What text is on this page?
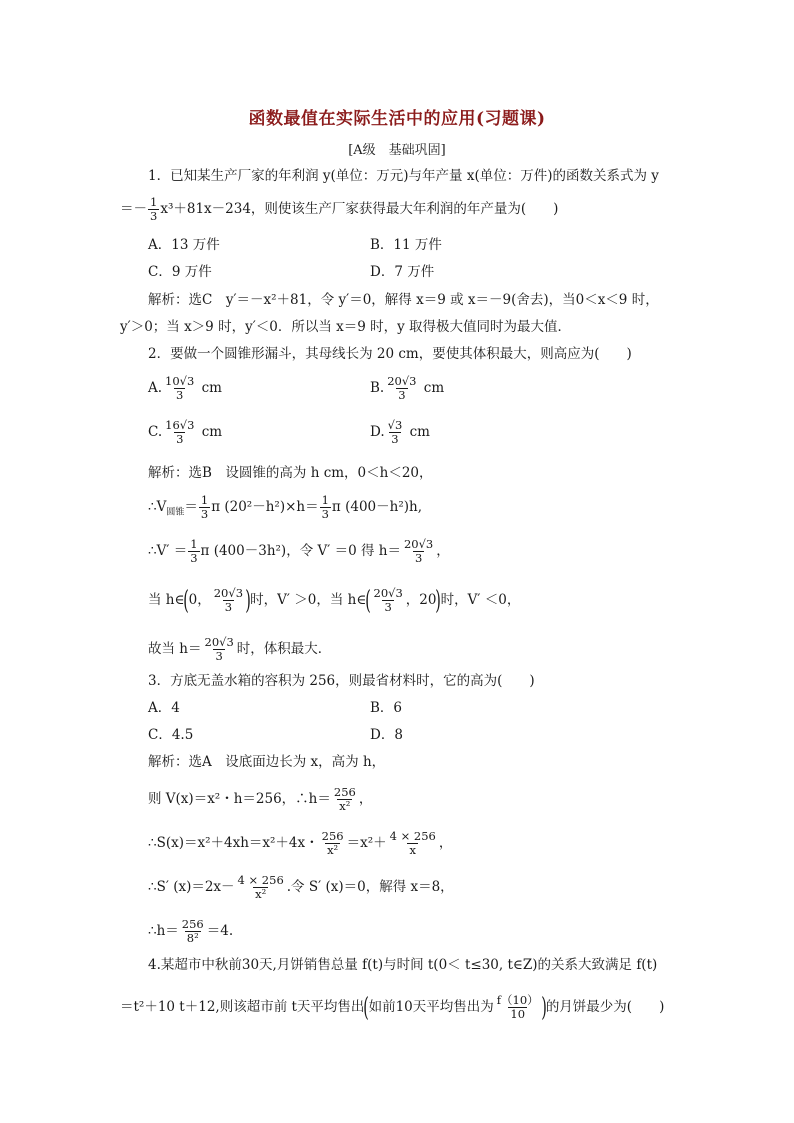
函数最值在实际生活中的应用(习题课)
[A级　基础巩固]
1．已知某生产厂家的年利润 y(单位：万元)与年产量 x(单位：万件)的函数关系式为 y
＝－ $\frac{1}{3} x^3+81x-234$，则使该生产厂家获得最大年利润的年产量为(　　)
A．13 万件	B．11 万件
C．9 万件	D．7 万件
解析：选C　y′＝－x²＋81，令 y′＝0，解得 x＝9 或 x＝－9(舍去)，当0＜x＜9 时，
y′＞0；当 x＞9 时，y′＜0．所以当 x＝9 时，y 取得极大值同时为最大值．
2．要做一个圆锥形漏斗，其母线长为 20 cm，要使其体积最大，则高应为(　　)
A. $\frac{10√3}{3}$ cm	B. $\frac{20√3}{3}$ cm
C. $\frac{16√3}{3}$ cm	D. $\frac{√3}{3}$ cm
解析：选B　设圆锥的高为 h cm，0＜h＜20，
$\therefore V_{圆锥}= \frac{1}{3}$ π $(20^2-h^2)\times h= \frac{1}{3}$ π (400－h²)h,
∴V′ ＝ $\frac{1}{3}$ π (400－3h²)，令 V′ ＝0 得 $h= \frac{20√3}{3}$ ，
当 h∈(0， $\frac{20√3}{3}$ )时，V′ ＞0，当 h∈( $\frac{20√3}{3}$ ，20)时，V′ ＜0，
故当 $h= \frac{20√3}{3}$ 时，体积最大．
3．方底无盖水箱的容积为 256，则最省材料时，它的高为(　　)
A．4	B．6
C．4.5	D．8
解析：选A　设底面边长为 x，高为 h，
则 V(x)＝x²・h＝256，∴h＝ $\frac{256}{\text{x²}}$ ，
∴S(x)＝x²＋4xh＝x²＋4x・ $\frac{256}{\text{x²}} =x^2+ \frac{4 \times 256}{x}$ ，
∴S′ $(x)=2x- \frac{4 \times 256}{\text{x²}}$ .令 S′ (x)＝0，解得 x＝8，
∴h＝ $\frac{256}{\text{8²}} =4$.
4.某超市中秋前30天,月饼销售总量 f(t)与时间 t(0＜ t≤30, t∈Z)的关系大致满足 f(t)
＝t²＋10 t＋12,则该超市前 t天平均售出(如前10天平均售出为 $\frac{f(10)}{10}$ )的月饼最少为(　　)
